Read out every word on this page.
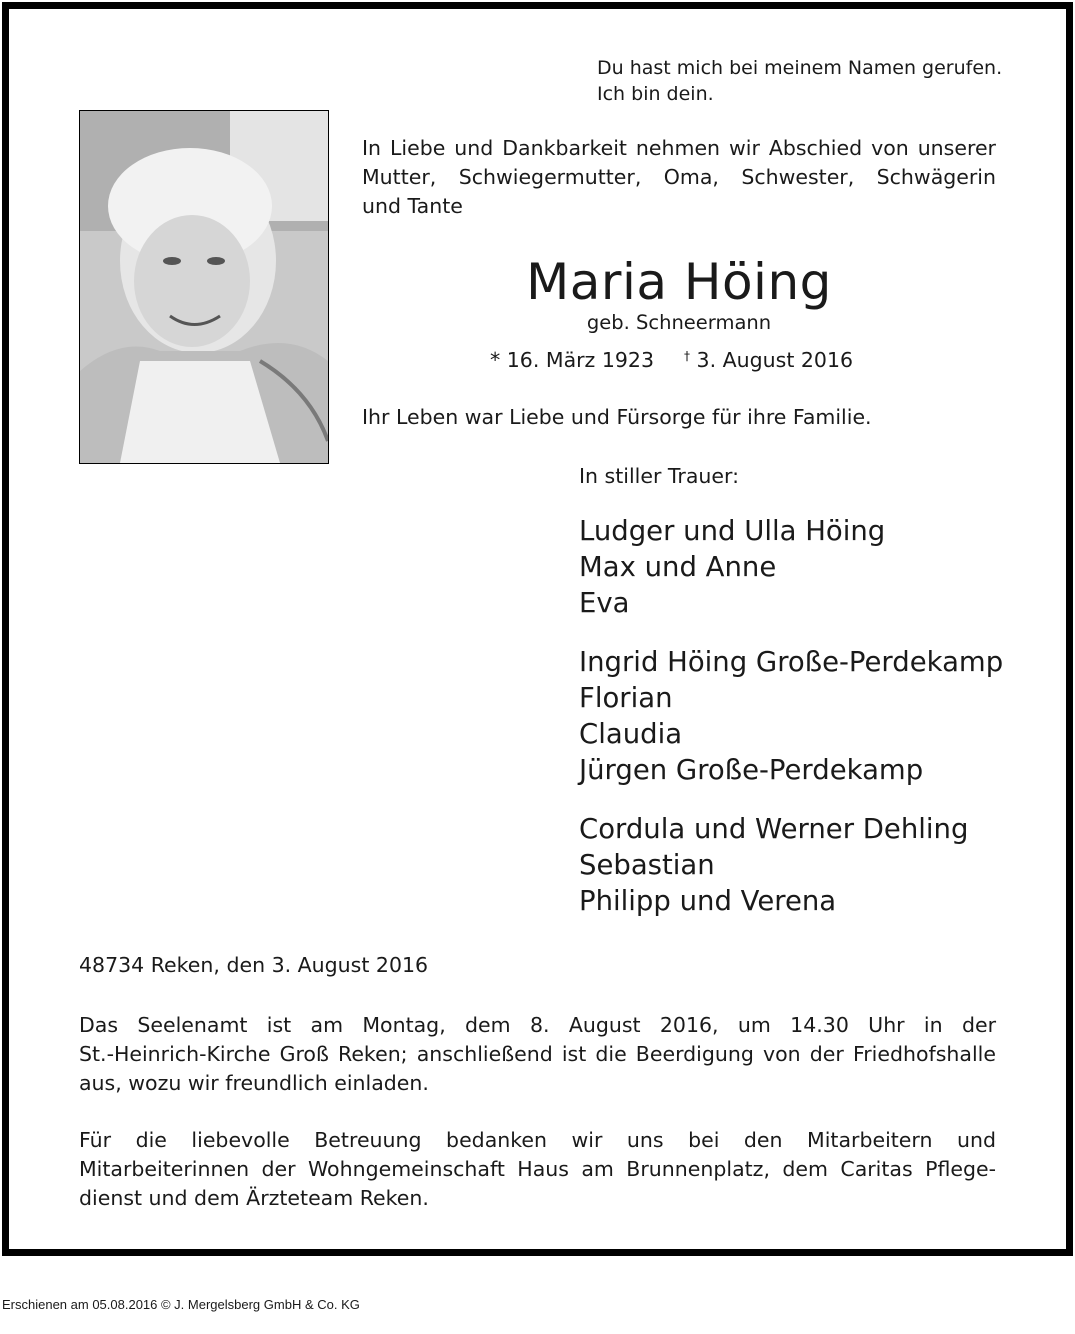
Du hast mich bei meinem Namen gerufen.
Ich bin dein.
In Liebe und Dankbarkeit nehmen wir Abschied von unserer
Mutter, Schwiegermutter, Oma, Schwester, Schwägerin
und Tante
Maria Höing
geb. Schneermann
* 16. März 1923	† 3. August 2016
Ihr Leben war Liebe und Fürsorge für ihre Familie.
In stiller Trauer:
Ludger und Ulla Höing
Max und Anne
Eva
Ingrid Höing Große-Perdekamp
Florian
Claudia
Jürgen Große-Perdekamp
Cordula und Werner Dehling
Sebastian
Philipp und Verena
48734 Reken, den 3. August 2016
Das Seelenamt ist am Montag, dem 8. August 2016, um 14.30 Uhr in der
St.-Heinrich-Kirche Groß Reken; anschließend ist die Beerdigung von der Friedhofshalle
aus, wozu wir freundlich einladen.
Für die liebevolle Betreuung bedanken wir uns bei den Mitarbeitern und
Mitarbeiterinnen der Wohngemeinschaft Haus am Brunnenplatz, dem Caritas Pflege-
dienst und dem Ärzteteam Reken.
Erschienen am 05.08.2016 © J. Mergelsberg GmbH & Co. KG
